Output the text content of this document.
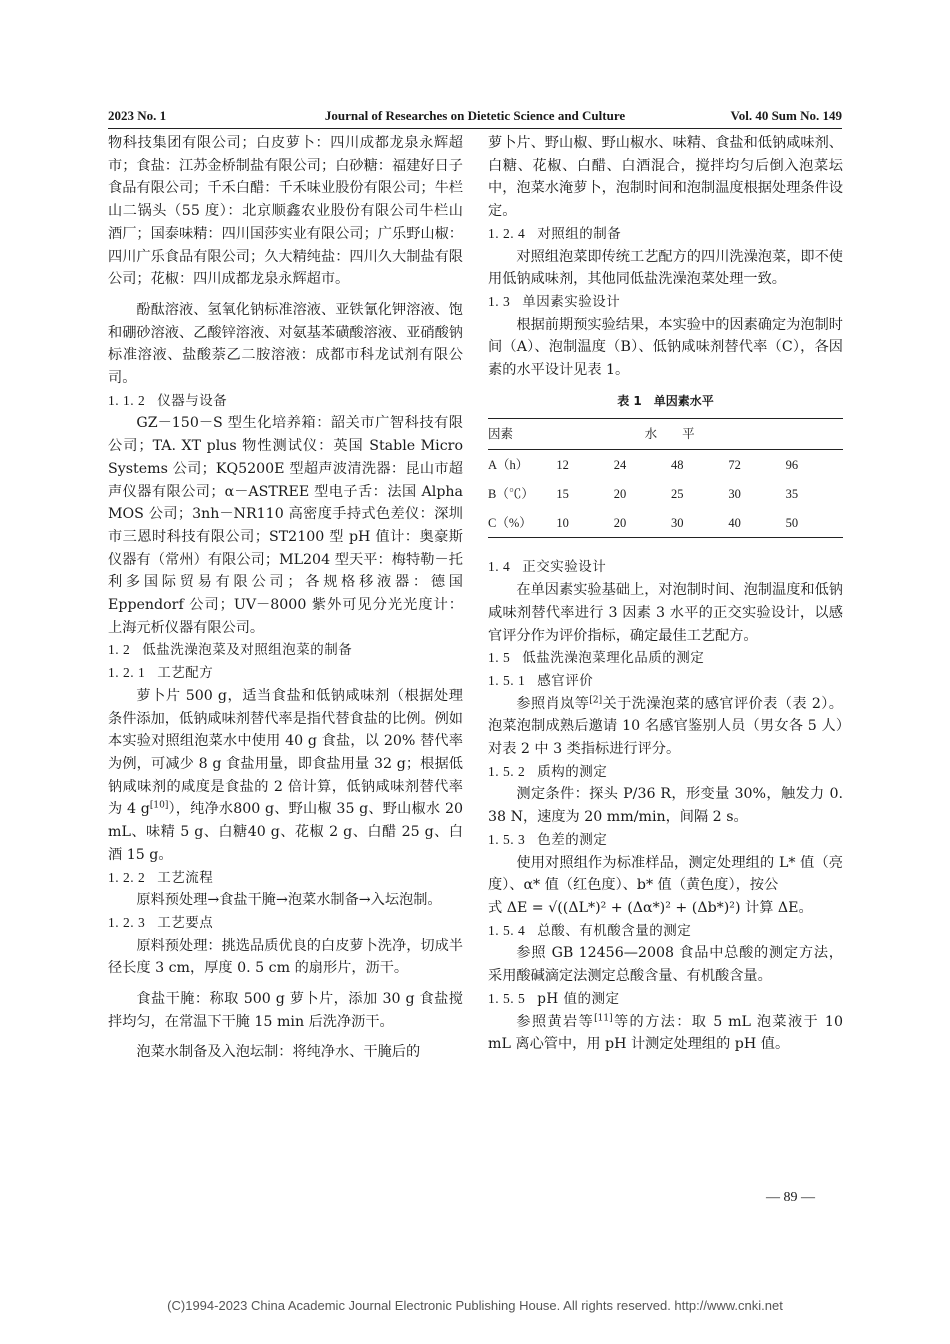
2023 No. 1	Journal of Researches on Dietetic Science and Culture	Vol. 40 Sum No. 149

物科技集团有限公司；白皮萝卜：四川成都龙泉永辉超市；食盐：江苏金桥制盐有限公司；白砂糖：福建好日子食品有限公司；千禾白醋：千禾味业股份有限公司；牛栏山二锅头（55 度）：北京顺鑫农业股份有限公司牛栏山酒厂；国泰味精：四川国莎实业有限公司；广乐野山椒：四川广乐食品有限公司；久大精纯盐：四川久大制盐有限公司；花椒：四川成都龙泉永辉超市。

酚酞溶液、氢氧化钠标准溶液、亚铁氰化钾溶液、饱和硼砂溶液、乙酸锌溶液、对氨基苯磺酸溶液、亚硝酸钠标准溶液、盐酸萘乙二胺溶液：成都市科龙试剂有限公司。

1. 1. 2 仪器与设备

GZ－150－S 型生化培养箱：韶关市广智科技有限公司；TA. XT plus 物性测试仪：英国 Stable Micro Systems 公司；KQ5200E 型超声波清洗器：昆山市超声仪器有限公司；α－ASTREE 型电子舌：法国 Alpha MOS 公司；3nh－NR110 高密度手持式色差仪：深圳市三恩时科技有限公司；ST2100 型 pH 值计：奥豪斯仪器有（常州）有限公司；ML204 型天平：梅特勒－托利多国际贸易有限公司；各规格移液器：德国 Eppendorf 公司；UV－8000 紫外可见分光光度计：上海元析仪器有限公司。

1. 2 低盐洗澡泡菜及对照组泡菜的制备
1. 2. 1 工艺配方

萝卜片 500 g，适当食盐和低钠咸味剂（根据处理条件添加，低钠咸味剂替代率是指代替食盐的比例。例如本实验对照组泡菜水中使用 40 g 食盐，以 20% 替代率为例，可减少 8 g 食盐用量，即食盐用量 32 g；根据低钠咸味剂的咸度是食盐的 2 倍计算，低钠咸味剂替代率为 4 g[10]），纯净水800 g、野山椒 35 g、野山椒水 20 mL、味精 5 g、白糖40 g、花椒 2 g、白醋 25 g、白酒 15 g。

1. 2. 2 工艺流程

原料预处理→食盐干腌→泡菜水制备→入坛泡制。

1. 2. 3 工艺要点

原料预处理：挑选品质优良的白皮萝卜洗净，切成半径长度 3 cm，厚度 0. 5 cm 的扇形片，沥干。

食盐干腌：称取 500 g 萝卜片，添加 30 g 食盐搅拌均匀，在常温下干腌 15 min 后洗净沥干。

泡菜水制备及入泡坛制：将纯净水、干腌后的

萝卜片、野山椒、野山椒水、味精、食盐和低钠咸味剂、白糖、花椒、白醋、白酒混合，搅拌均匀后倒入泡菜坛中，泡菜水淹萝卜，泡制时间和泡制温度根据处理条件设定。

1. 2. 4 对照组的制备

对照组泡菜即传统工艺配方的四川洗澡泡菜，即不使用低钠咸味剂，其他同低盐洗澡泡菜处理一致。

1. 3 单因素实验设计

根据前期预实验结果，本实验中的因素确定为泡制时间（A）、泡制温度（B）、低钠咸味剂替代率（C），各因素的水平设计见表 1。

表 1　单因素水平
因素	水　　平				
A（h）	12	24	48	72	96
B（℃）	15	20	25	30	35
C（%）	10	20	30	40	50
1. 4 正交实验设计

在单因素实验基础上，对泡制时间、泡制温度和低钠咸味剂替代率进行 3 因素 3 水平的正交实验设计，以感官评分作为评价指标，确定最佳工艺配方。

1. 5 低盐洗澡泡菜理化品质的测定
1. 5. 1 感官评价

参照肖岚等[2]关于洗澡泡菜的感官评价表（表 2）。泡菜泡制成熟后邀请 10 名感官鉴别人员（男女各 5 人）对表 2 中 3 类指标进行评分。

1. 5. 2 质构的测定

测定条件：探头 P/36 R，形变量 30%，触发力 0. 38 N，速度为 20 mm/min，间隔 2 s。

1. 5. 3 色差的测定

使用对照组作为标准样品，测定处理组的 L* 值（亮度）、α* 值（红色度）、b* 值（黄色度），按公

式 ΔE = √((ΔL*)² + (Δα*)² + (Δb*)²) 计算 ΔE。

1. 5. 4 总酸、有机酸含量的测定

参照 GB 12456—2008 食品中总酸的测定方法，采用酸碱滴定法测定总酸含量、有机酸含量。

1. 5. 5 pH 值的测定

参照黄岩等[11]等的方法：取 5 mL 泡菜液于 10 mL 离心管中，用 pH 计测定处理组的 pH 值。

— 89 —
(C)1994-2023 China Academic Journal Electronic Publishing House. All rights reserved. http://www.cnki.net
